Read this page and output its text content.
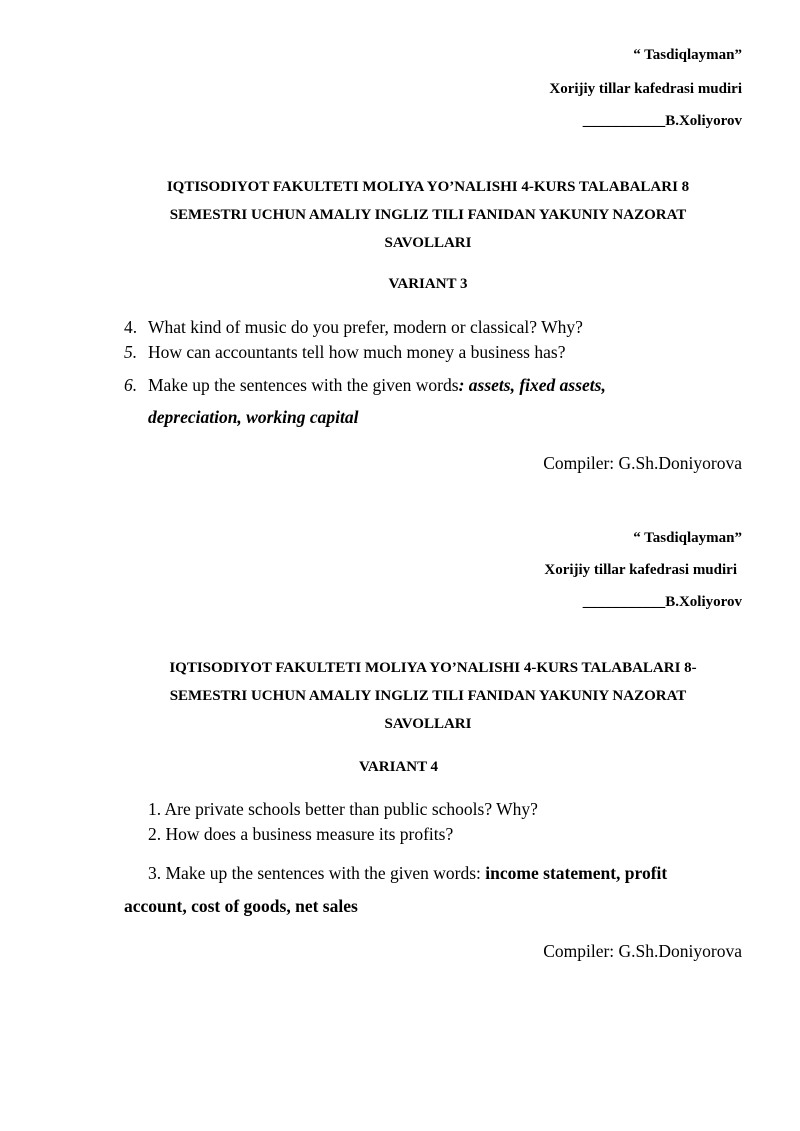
“ Tasdiqlayman”
Xorijiy tillar kafedrasi mudiri
___________B.Xoliyorov
IQTISODIYOT FAKULTETI MOLIYA YO’NALISHI 4-KURS TALABALARI 8
SEMESTRI UCHUN AMALIY INGLIZ TILI FANIDAN YAKUNIY NAZORAT
SAVOLLARI
VARIANT 3
4. What kind of music do you prefer, modern or classical? Why?
5. How can accountants tell how much money a business has?
6. Make up the sentences with the given words: assets, fixed assets,
depreciation, working capital
Compiler: G.Sh.Doniyorova
“ Tasdiqlayman”
Xorijiy tillar kafedrasi mudiri
___________B.Xoliyorov
IQTISODIYOT FAKULTETI MOLIYA YO’NALISHI 4-KURS TALABALARI 8-
SEMESTRI UCHUN AMALIY INGLIZ TILI FANIDAN YAKUNIY NAZORAT
SAVOLLARI
VARIANT 4
1. Are private schools better than public schools? Why?
2. How does a business measure its profits?
3. Make up the sentences with the given words: income statement, profit
account, cost of goods, net sales
Compiler: G.Sh.Doniyorova
